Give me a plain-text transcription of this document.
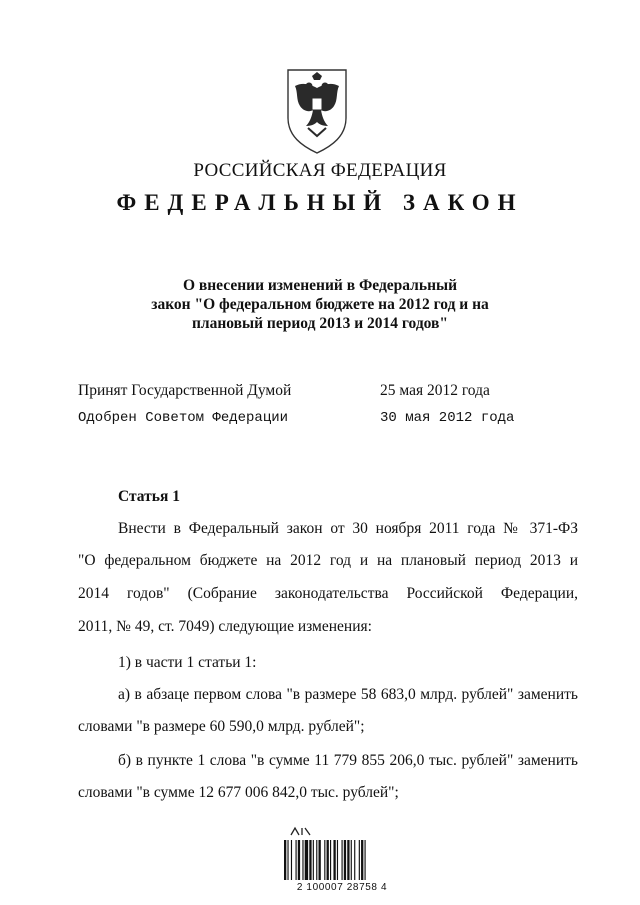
РОССИЙСКАЯ ФЕДЕРАЦИЯ
ФЕДЕРАЛЬНЫЙ ЗАКОН
О внесении изменений в Федеральный
закон "О федеральном бюджете на 2012 год и на
плановый период 2013 и 2014 годов"
Принят Государственной Думой	25 мая 2012 года
Одобрен Советом Федерации	30 мая 2012 года
Статья 1
Внести в Федеральный закон от 30 ноября 2011 года № 371-ФЗ
"О федеральном бюджете на 2012 год и на плановый период 2013 и
2014 годов" (Собрание законодательства Российской Федерации,
2011, № 49, ст. 7049) следующие изменения:
1) в части 1 статьи 1:
а) в абзаце первом слова "в размере 58 683,0 млрд. рублей" заменить
словами "в размере 60 590,0 млрд. рублей";
б) в пункте 1 слова "в сумме 11 779 855 206,0 тыс. рублей" заменить
словами "в сумме 12 677 006 842,0 тыс. рублей";
2 100007 28758 4
